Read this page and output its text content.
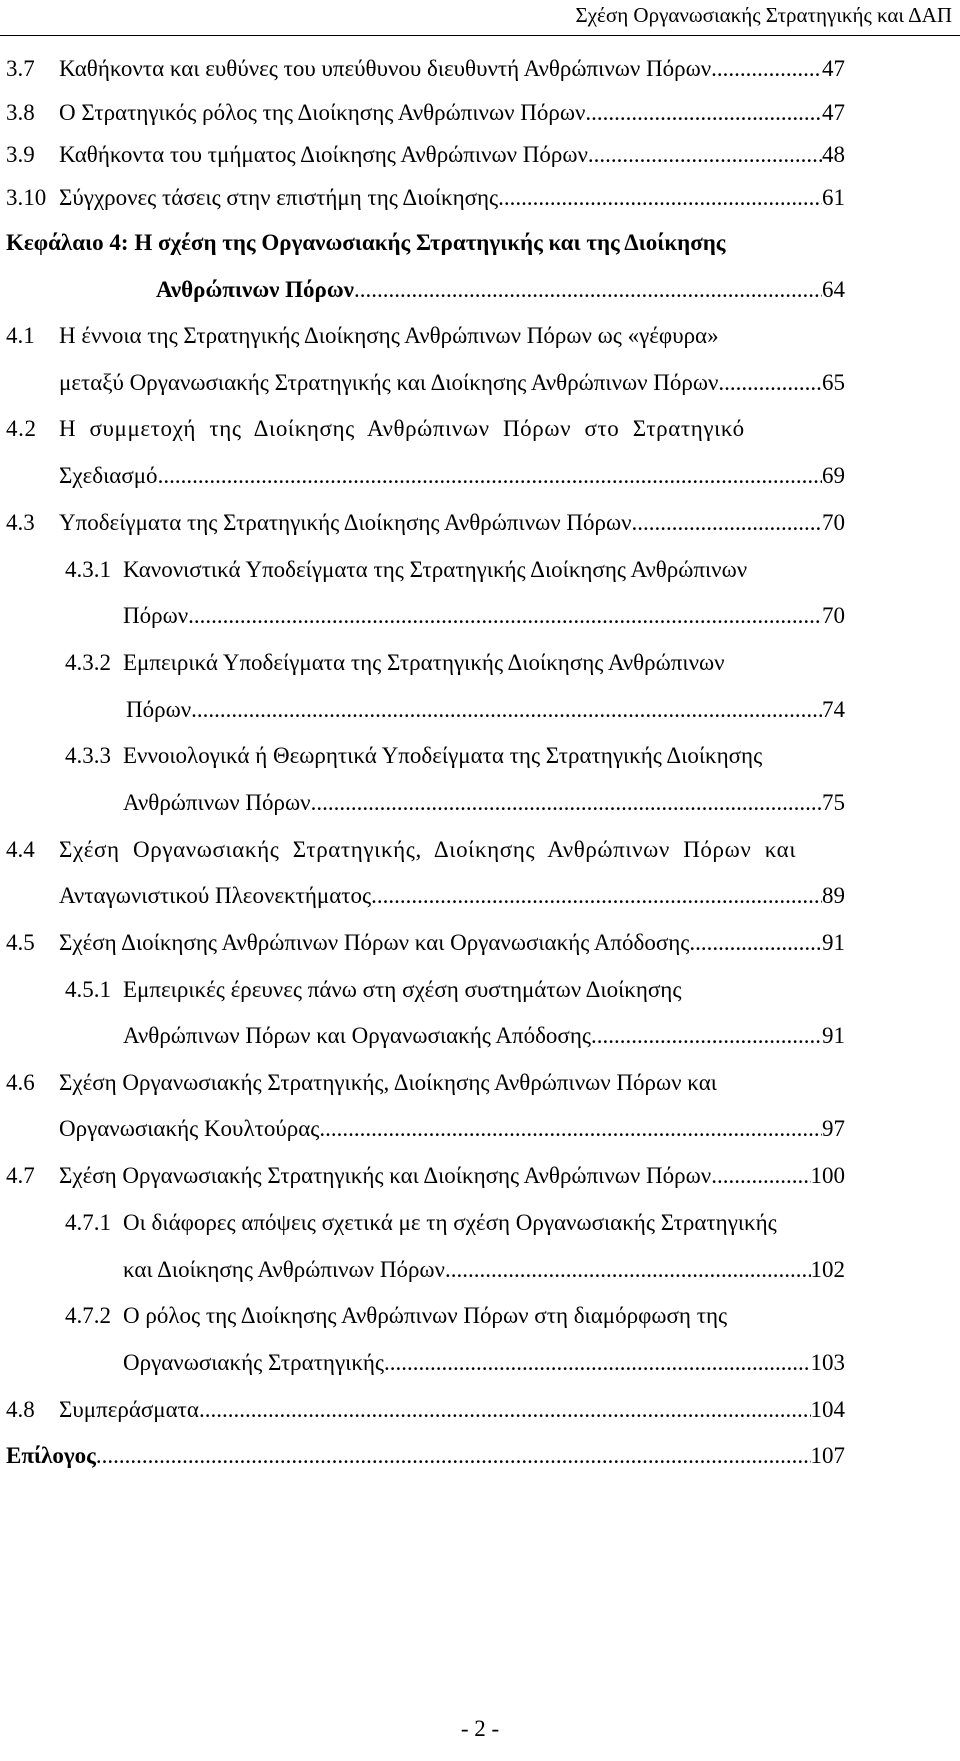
Σχέση Οργανωσιακής Στρατηγικής και ΔΑΠ
3.7	Καθήκοντα και ευθύνες του υπεύθυνου διευθυντή Ανθρώπινων Πόρων .....	47
3.8	Ο Στρατηγικός ρόλος της Διοίκησης Ανθρώπινων Πόρων .....	47
3.9	Καθήκοντα του τμήματος Διοίκησης Ανθρώπινων Πόρων .....	48
3.10 Σύγχρονες τάσεις στην επιστήμη της Διοίκησης .....	61
Κεφάλαιο 4: Η σχέση της Οργανωσιακής Στρατηγικής και της Διοίκησης
Ανθρώπινων Πόρων .....	64
4.1	Η έννοια της Στρατηγικής Διοίκησης Ανθρώπινων Πόρων ως «γέφυρα»
μεταξύ Οργανωσιακής Στρατηγικής και Διοίκησης Ανθρώπινων Πόρων .....	65
4.2 Η συμμετοχή της Διοίκησης Ανθρώπινων Πόρων στο Στρατηγικό
Σχεδιασμό .....	69
4.3	Υποδείγματα της Στρατηγικής Διοίκησης Ανθρώπινων Πόρων .....	70
4.3.1 Κανονιστικά Υποδείγματα της Στρατηγικής Διοίκησης Ανθρώπινων
Πόρων .....	70
4.3.2 Εμπειρικά Υποδείγματα της Στρατηγικής Διοίκησης Ανθρώπινων
Πόρων .....	74
4.3.3 Εννοιολογικά ή Θεωρητικά Υποδείγματα της Στρατηγικής Διοίκησης
Ανθρώπινων Πόρων .....	75
4.4	Σχέση Οργανωσιακής Στρατηγικής, Διοίκησης Ανθρώπινων Πόρων και
Ανταγωνιστικού Πλεονεκτήματος .....	89
4.5	Σχέση Διοίκησης Ανθρώπινων Πόρων και Οργανωσιακής Απόδοσης .....	91
4.5.1 Εμπειρικές έρευνες πάνω στη σχέση συστημάτων Διοίκησης
Ανθρώπινων Πόρων και Οργανωσιακής Απόδοσης .....	91
4.6	Σχέση Οργανωσιακής Στρατηγικής, Διοίκησης Ανθρώπινων Πόρων και
Οργανωσιακής Κουλτούρας .....	97
4.7	Σχέση Οργανωσιακής Στρατηγικής και Διοίκησης Ανθρώπινων Πόρων .....	100
4.7.1 Οι διάφορες απόψεις σχετικά με τη σχέση Οργανωσιακής Στρατηγικής
και Διοίκησης Ανθρώπινων Πόρων .....	102
4.7.2 Ο ρόλος της Διοίκησης Ανθρώπινων Πόρων στη διαμόρφωση της
Οργανωσιακής Στρατηγικής .....	103
4.8	Συμπεράσματα .....	104
Επίλογος .....	107
- 2 -
